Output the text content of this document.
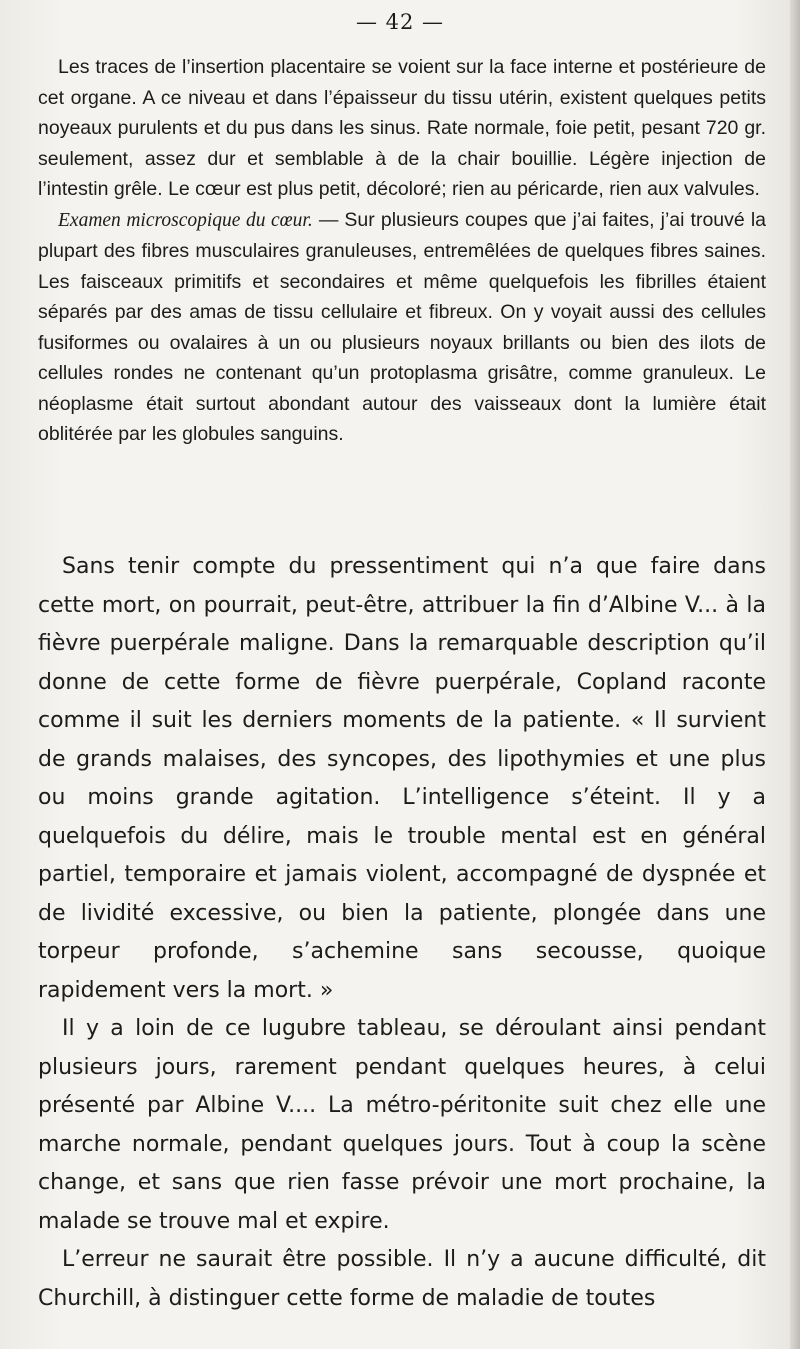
— 42 —

Les traces de l’insertion placentaire se voient sur la face interne et postérieure de cet organe. A ce niveau et dans l’épaisseur du tissu utérin, existent quelques petits noyeaux purulents et du pus dans les sinus. Rate normale, foie petit, pesant 720 gr. seulement, assez dur et semblable à de la chair bouillie. Légère injection de l’intestin grêle. Le cœur est plus petit, décoloré; rien au péricarde, rien aux valvules.

Examen microscopique du cœur. — Sur plusieurs coupes que j’ai faites, j’ai trouvé la plupart des fibres musculaires granuleuses, entremêlées de quelques fibres saines. Les faisceaux primitifs et secondaires et même quelquefois les fibrilles étaient séparés par des amas de tissu cellulaire et fibreux. On y voyait aussi des cellules fusiformes ou ovalaires à un ou plusieurs noyaux brillants ou bien des ilots de cellules rondes ne contenant qu’un protoplasma grisâtre, comme granuleux. Le néoplasme était surtout abondant autour des vaisseaux dont la lumière était oblitérée par les globules sanguins.

Sans tenir compte du pressentiment qui n’a que faire dans cette mort, on pourrait, peut-être, attribuer la fin d’Albine V... à la fièvre puerpérale maligne. Dans la remarquable description qu’il donne de cette forme de fièvre puerpérale, Copland raconte comme il suit les derniers moments de la patiente. « Il survient de grands malaises, des syncopes, des lipothymies et une plus ou moins grande agitation. L’intelligence s’éteint. Il y a quelquefois du délire, mais le trouble mental est en général partiel, temporaire et jamais violent, accompagné de dyspnée et de lividité excessive, ou bien la patiente, plongée dans une torpeur profonde, s’achemine sans secousse, quoique rapidement vers la mort. »

Il y a loin de ce lugubre tableau, se déroulant ainsi pendant plusieurs jours, rarement pendant quelques heures, à celui présenté par Albine V.... La métro-péritonite suit chez elle une marche normale, pendant quelques jours. Tout à coup la scène change, et sans que rien fasse prévoir une mort prochaine, la malade se trouve mal et expire.

L’erreur ne saurait être possible. Il n’y a aucune difficulté, dit Churchill, à distinguer cette forme de maladie de toutes
